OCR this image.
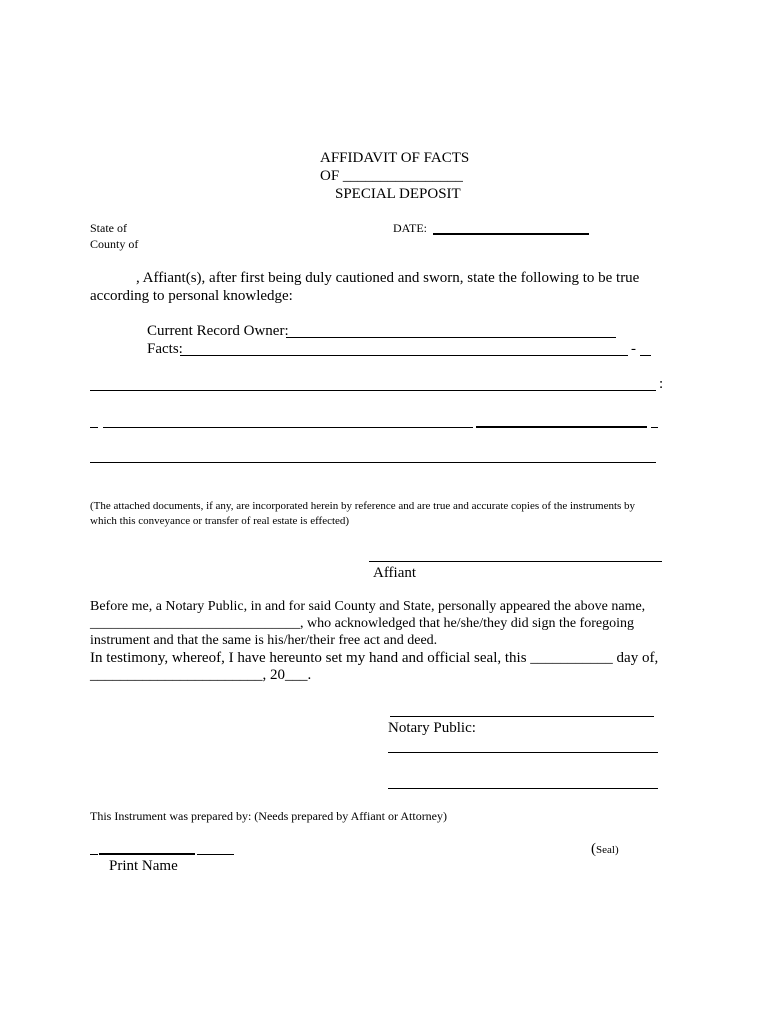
AFFIDAVIT OF FACTS
OF ________________
SPECIAL DEPOSIT
State of
County of
DATE:
, Affiant(s), after first being duly cautioned and sworn, state the following to be true
according to personal knowledge:
Current Record Owner:
Facts:	-
:
(The attached documents, if any, are incorporated herein by reference and are true and accurate copies of the instruments by
which this conveyance or transfer of real estate is effected)
Affiant
Before me, a Notary Public, in and for said County and State, personally appeared the above name,
______________________________, who acknowledged that he/she/they did sign the foregoing
instrument and that the same is his/her/their free act and deed.
In testimony, whereof, I have hereunto set my hand and official seal, this ___________ day of,
_______________________, 20___.
Notary Public:
This Instrument was prepared by: (Needs prepared by Affiant or Attorney)
( Seal)
Print Name
